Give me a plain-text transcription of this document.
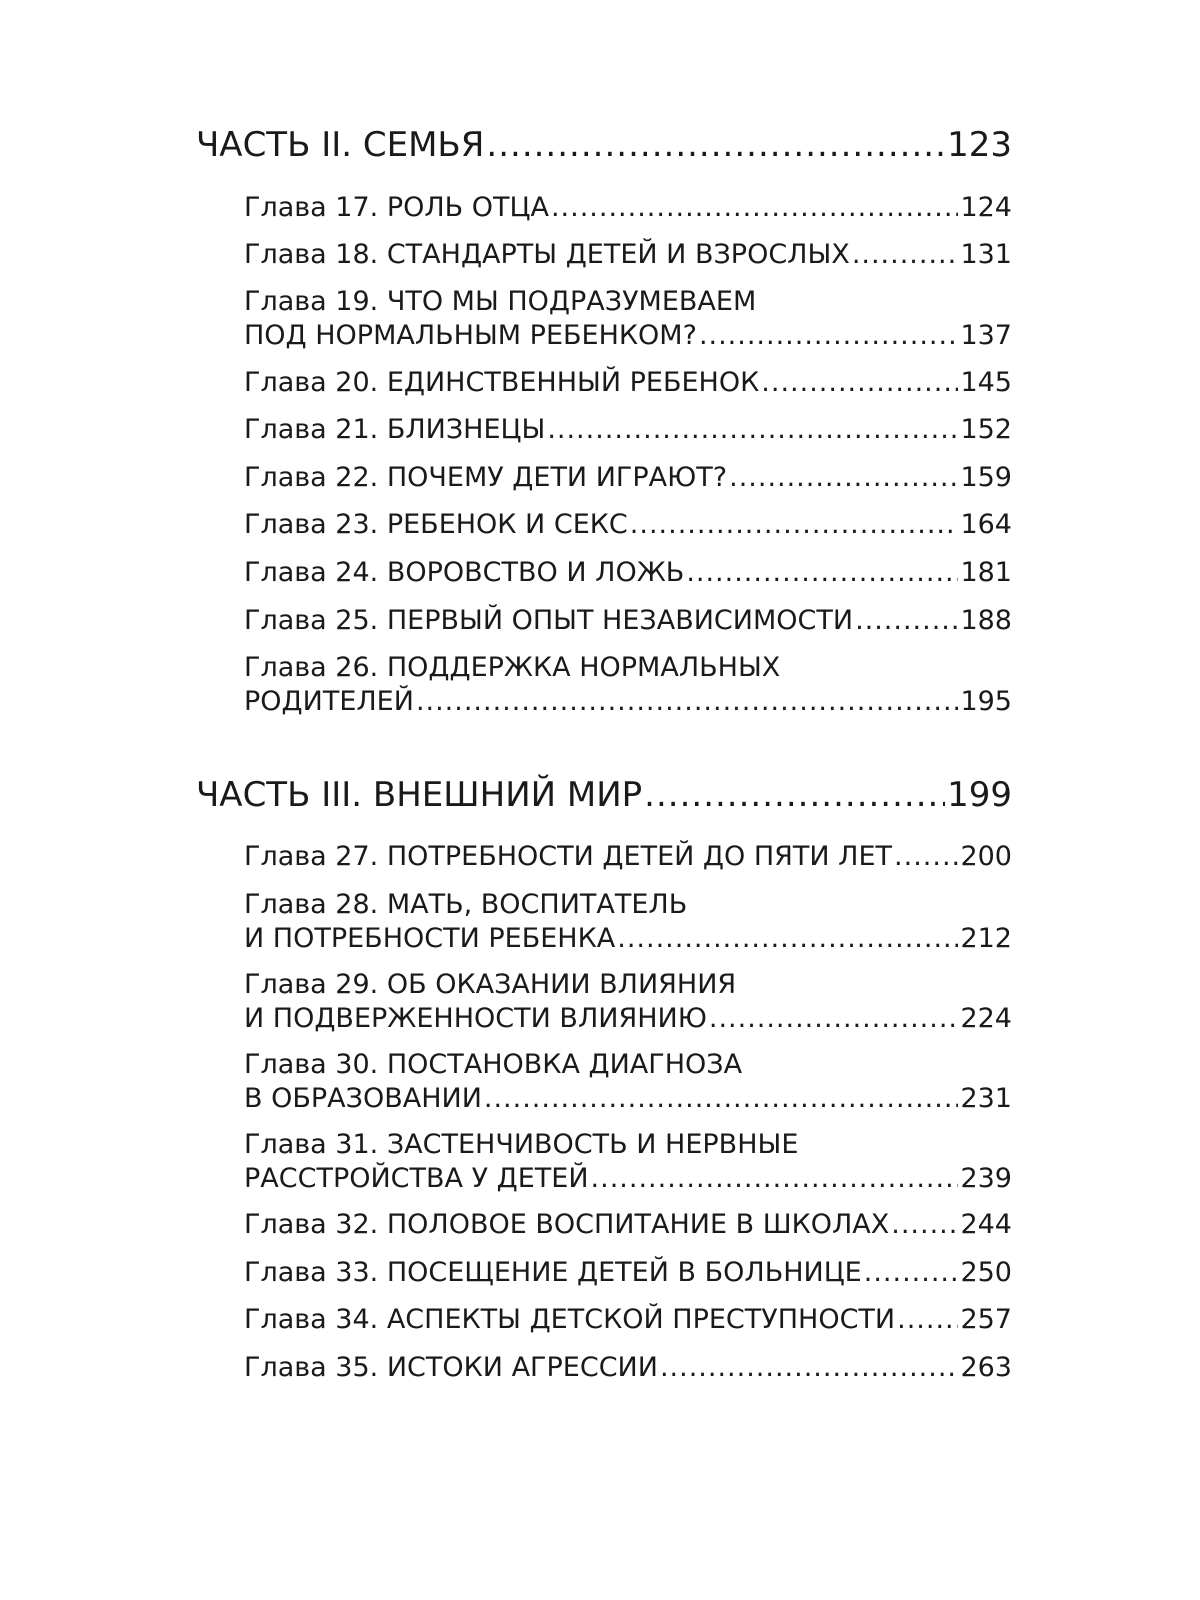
ЧАСТЬ II. СЕМЬЯ .....	123
Глава 17. РОЛЬ ОТЦА .....	124
Глава 18. СТАНДАРТЫ ДЕТЕЙ И ВЗРОСЛЫХ .....	131
Глава 19. ЧТО МЫ ПОДРАЗУМЕВАЕМ
ПОД НОРМАЛЬНЫМ РЕБЕНКОМ? .....	137
Глава 20. ЕДИНСТВЕННЫЙ РЕБЕНОК .....	145
Глава 21. БЛИЗНЕЦЫ .....	152
Глава 22. ПОЧЕМУ ДЕТИ ИГРАЮТ? .....	159
Глава 23. РЕБЕНОК И СЕКС .....	164
Глава 24. ВОРОВСТВО И ЛОЖЬ .....	181
Глава 25. ПЕРВЫЙ ОПЫТ НЕЗАВИСИМОСТИ .....	188
Глава 26. ПОДДЕРЖКА НОРМАЛЬНЫХ
РОДИТЕЛЕЙ .....	195
ЧАСТЬ III. ВНЕШНИЙ МИР .....	199
Глава 27. ПОТРЕБНОСТИ ДЕТЕЙ ДО ПЯТИ ЛЕТ .....	200
Глава 28. МАТЬ, ВОСПИТАТЕЛЬ
И ПОТРЕБНОСТИ РЕБЕНКА .....	212
Глава 29. ОБ ОКАЗАНИИ ВЛИЯНИЯ
И ПОДВЕРЖЕННОСТИ ВЛИЯНИЮ .....	224
Глава 30. ПОСТАНОВКА ДИАГНОЗА
В ОБРАЗОВАНИИ .....	231
Глава 31. ЗАСТЕНЧИВОСТЬ И НЕРВНЫЕ
РАССТРОЙСТВА У ДЕТЕЙ .....	239
Глава 32. ПОЛОВОЕ ВОСПИТАНИЕ В ШКОЛАХ .....	244
Глава 33. ПОСЕЩЕНИЕ ДЕТЕЙ В БОЛЬНИЦЕ .....	250
Глава 34. АСПЕКТЫ ДЕТСКОЙ ПРЕСТУПНОСТИ ..... 257
Глава 35. ИСТОКИ АГРЕССИИ .....	263
